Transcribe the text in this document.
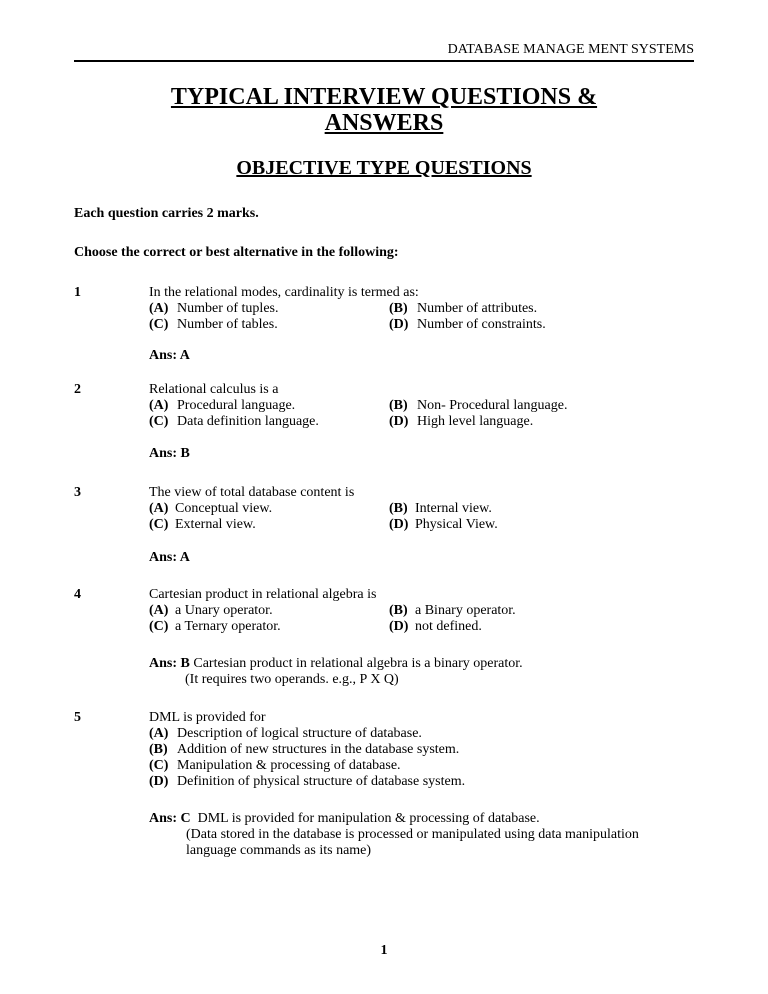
DATABASE MANAGE MENT SYSTEMS
TYPICAL INTERVIEW QUESTIONS &
ANSWERS
OBJECTIVE TYPE QUESTIONS
Each question carries 2 marks.
Choose the correct or best alternative in the following:
1	In the relational modes, cardinality is termed as:
(A) Number of tuples.	(B) Number of attributes.
(C) Number of tables.	(D) Number of constraints.
Ans: A
2	Relational calculus is a
(A) Procedural language.	(B) Non- Procedural language.
(C) Data definition language.	(D) High level language.
Ans: B
3	The view of total database content is
(A) Conceptual view.	(B) Internal view.
(C) External view.	(D) Physical View.
Ans: A
4	Cartesian product in relational algebra is
(A) a Unary operator.	(B) a Binary operator.
(C) a Ternary operator.	(D) not defined.
Ans: B Cartesian product in relational algebra is a binary operator.
(It requires two operands. e.g., P X Q)
5	DML is provided for
(A) Description of logical structure of database.
(B) Addition of new structures in the database system.
(C) Manipulation & processing of database.
(D) Definition of physical structure of database system.
Ans: C DML is provided for manipulation & processing of database.
(Data stored in the database is processed or manipulated using data manipulation
language commands as its name)
1
